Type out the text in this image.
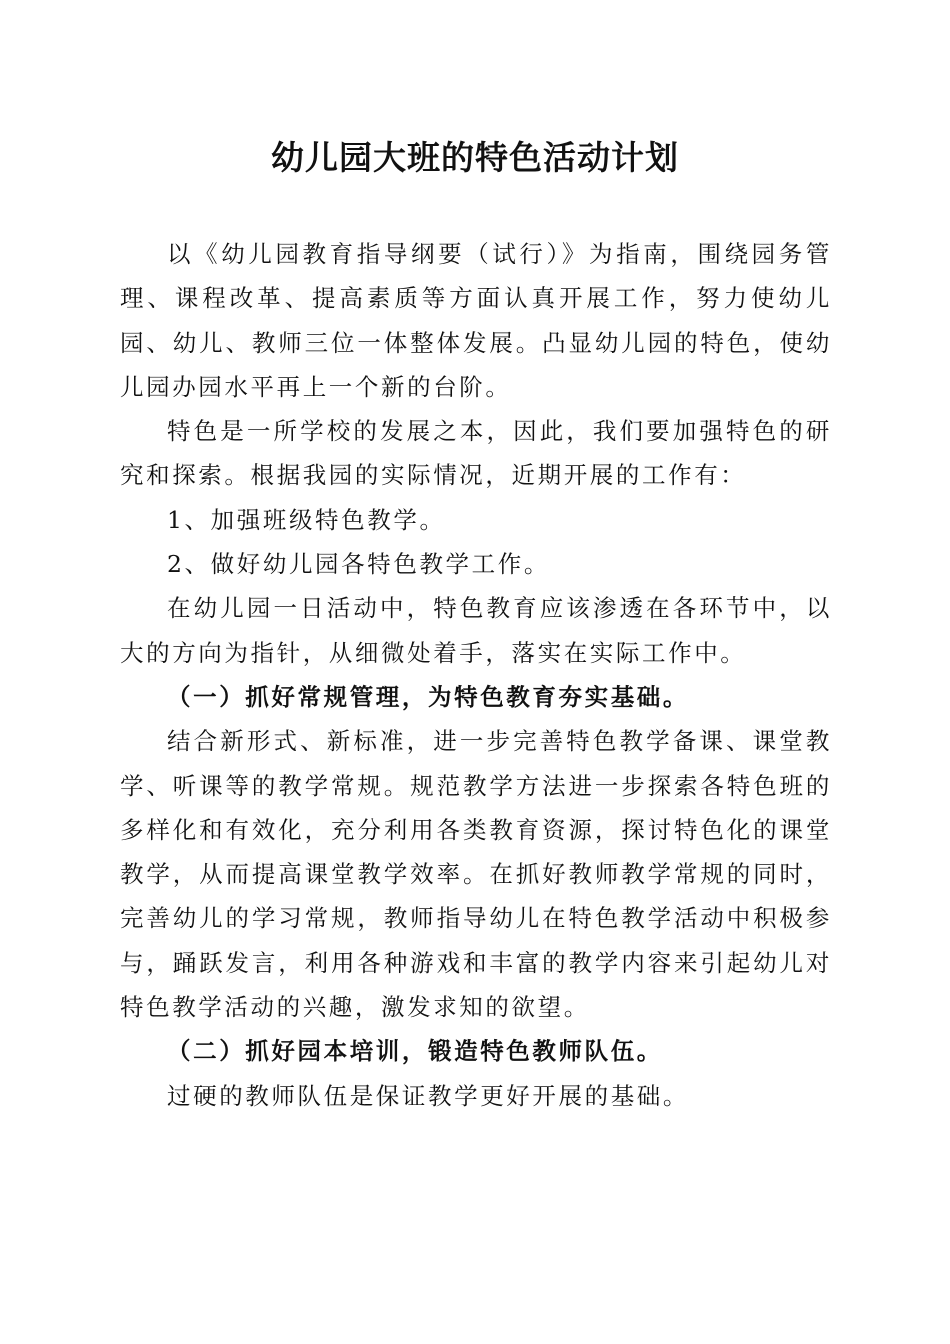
幼儿园大班的特色活动计划

以《幼儿园教育指导纲要（试行）》为指南，围绕园务管理、课程改革、提高素质等方面认真开展工作，努力使幼儿园、幼儿、教师三位一体整体发展。凸显幼儿园的特色，使幼儿园办园水平再上一个新的台阶。

特色是一所学校的发展之本，因此，我们要加强特色的研究和探索。根据我园的实际情况，近期开展的工作有：

1、加强班级特色教学。

2、做好幼儿园各特色教学工作。

在幼儿园一日活动中，特色教育应该渗透在各环节中，以大的方向为指针，从细微处着手，落实在实际工作中。

（一）抓好常规管理，为特色教育夯实基础。

结合新形式、新标准，进一步完善特色教学备课、课堂教学、听课等的教学常规。规范教学方法进一步探索各特色班的多样化和有效化，充分利用各类教育资源，探讨特色化的课堂教学，从而提高课堂教学效率。在抓好教师教学常规的同时，完善幼儿的学习常规，教师指导幼儿在特色教学活动中积极参与，踊跃发言，利用各种游戏和丰富的教学内容来引起幼儿对特色教学活动的兴趣，激发求知的欲望。

（二）抓好园本培训，锻造特色教师队伍。

过硬的教师队伍是保证教学更好开展的基础。
